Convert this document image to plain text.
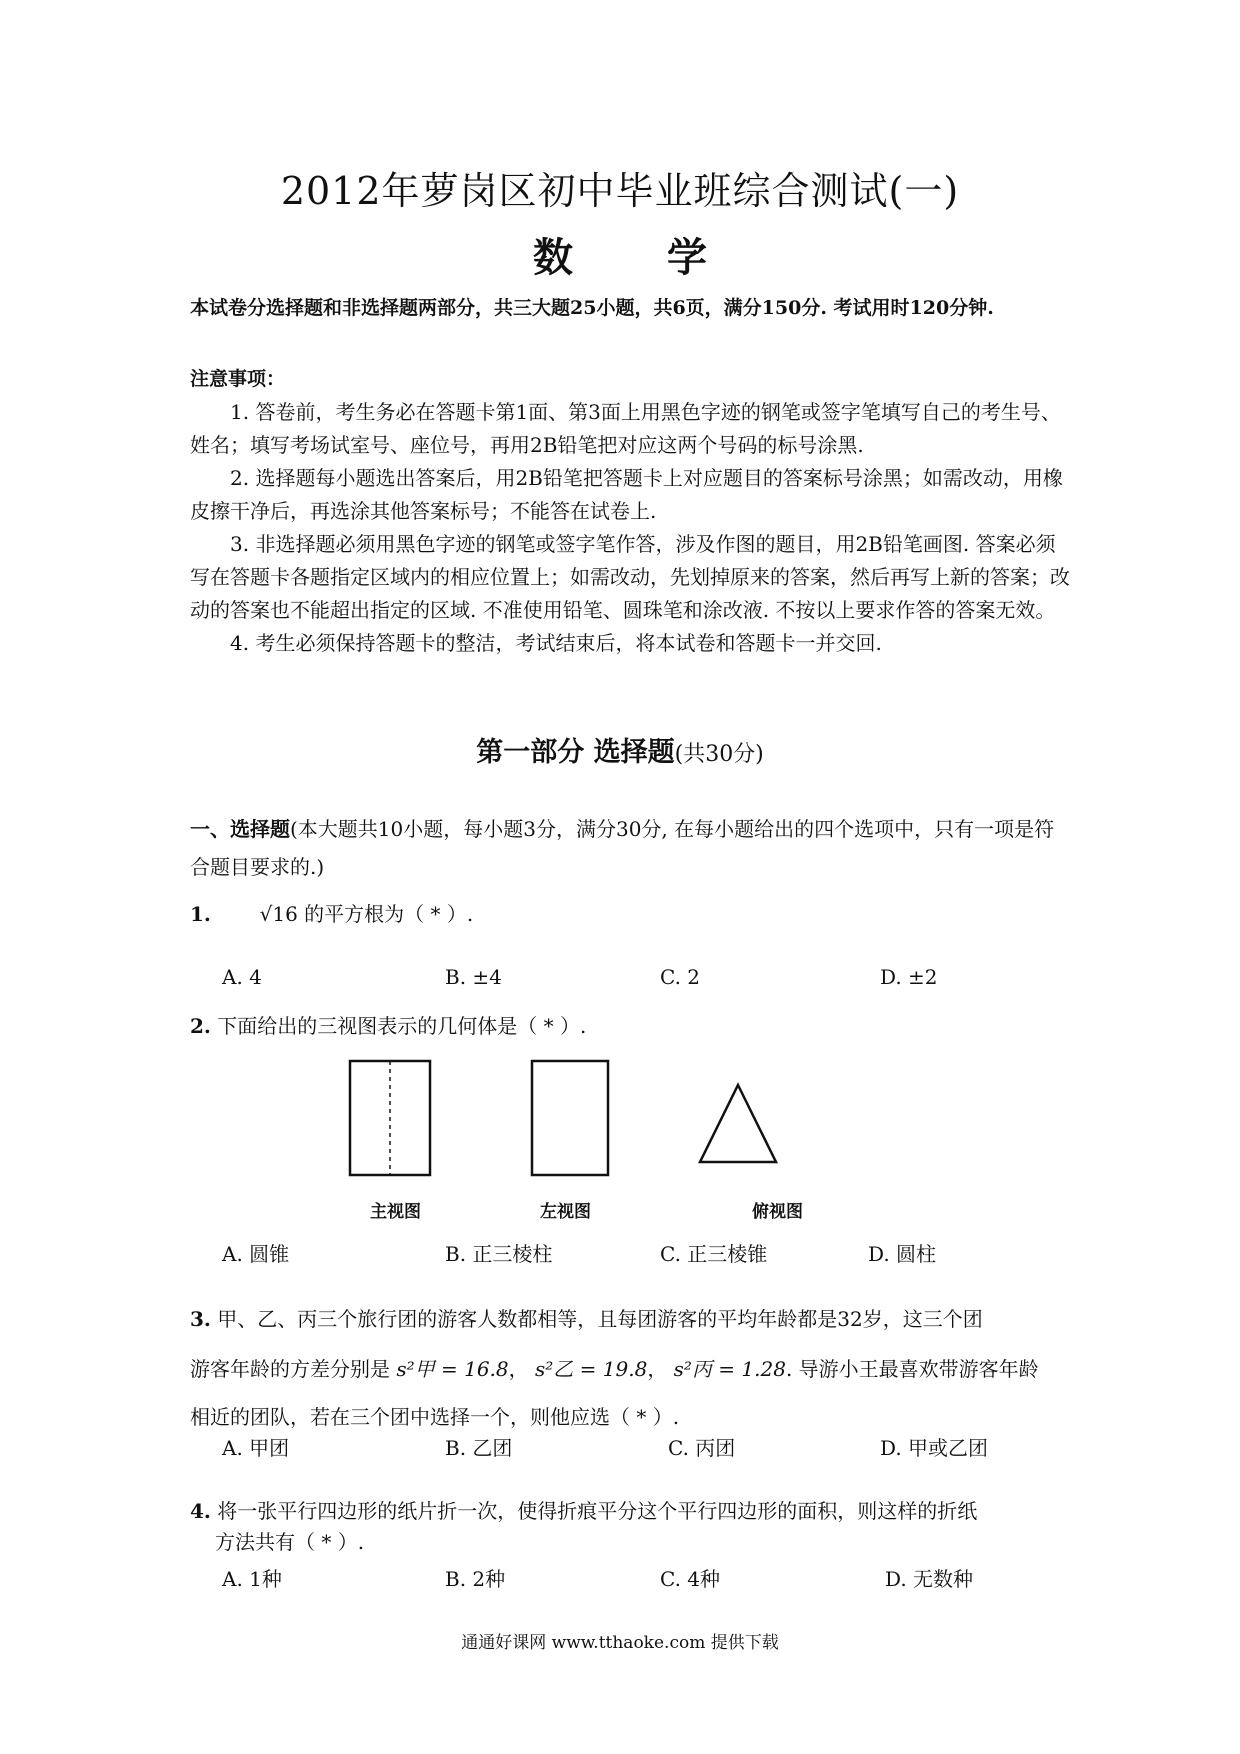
2012年萝岗区初中毕业班综合测试(一)
数 学
本试卷分选择题和非选择题两部分，共三大题25小题，共6页，满分150分. 考试用时120分钟.
注意事项：

1. 答卷前，考生务必在答题卡第1面、第3面上用黑色字迹的钢笔或签字笔填写自己的考生号、姓名；填写考场试室号、座位号，再用2B铅笔把对应这两个号码的标号涂黑.

2. 选择题每小题选出答案后，用2B铅笔把答题卡上对应题目的答案标号涂黑；如需改动，用橡皮擦干净后，再选涂其他答案标号；不能答在试卷上.

3. 非选择题必须用黑色字迹的钢笔或签字笔作答，涉及作图的题目，用2B铅笔画图. 答案必须写在答题卡各题指定区域内的相应位置上；如需改动，先划掉原来的答案，然后再写上新的答案；改动的答案也不能超出指定的区域. 不准使用铅笔、圆珠笔和涂改液. 不按以上要求作答的答案无效。

4. 考生必须保持答题卡的整洁，考试结束后，将本试卷和答题卡一并交回.

第一部分 选择题(共30分)
一、选择题(本大题共10小题，每小题3分，满分30分, 在每小题给出的四个选项中，只有一项是符合题目要求的.)
1. √16 的平方根为（ * ）.
A. 4	B. ±4	C. 2	D. ±2
2. 下面给出的三视图表示的几何体是（ * ）.
主视图	左视图	俯视图
A. 圆锥	B. 正三棱柱	C. 正三棱锥	D. 圆柱
3. 甲、乙、丙三个旅行团的游客人数都相等，且每团游客的平均年龄都是32岁，这三个团
游客年龄的方差分别是 s²甲 = 16.8， s²乙 = 19.8， s²丙 = 1.28. 导游小王最喜欢带游客年龄
相近的团队，若在三个团中选择一个，则他应选（ * ）.
A. 甲团	B. 乙团	C. 丙团	D. 甲或乙团
4. 将一张平行四边形的纸片折一次，使得折痕平分这个平行四边形的面积，则这样的折纸
方法共有（ * ）.
A. 1种	B. 2种	C. 4种	D. 无数种
通通好课网 www.tthaoke.com 提供下载
